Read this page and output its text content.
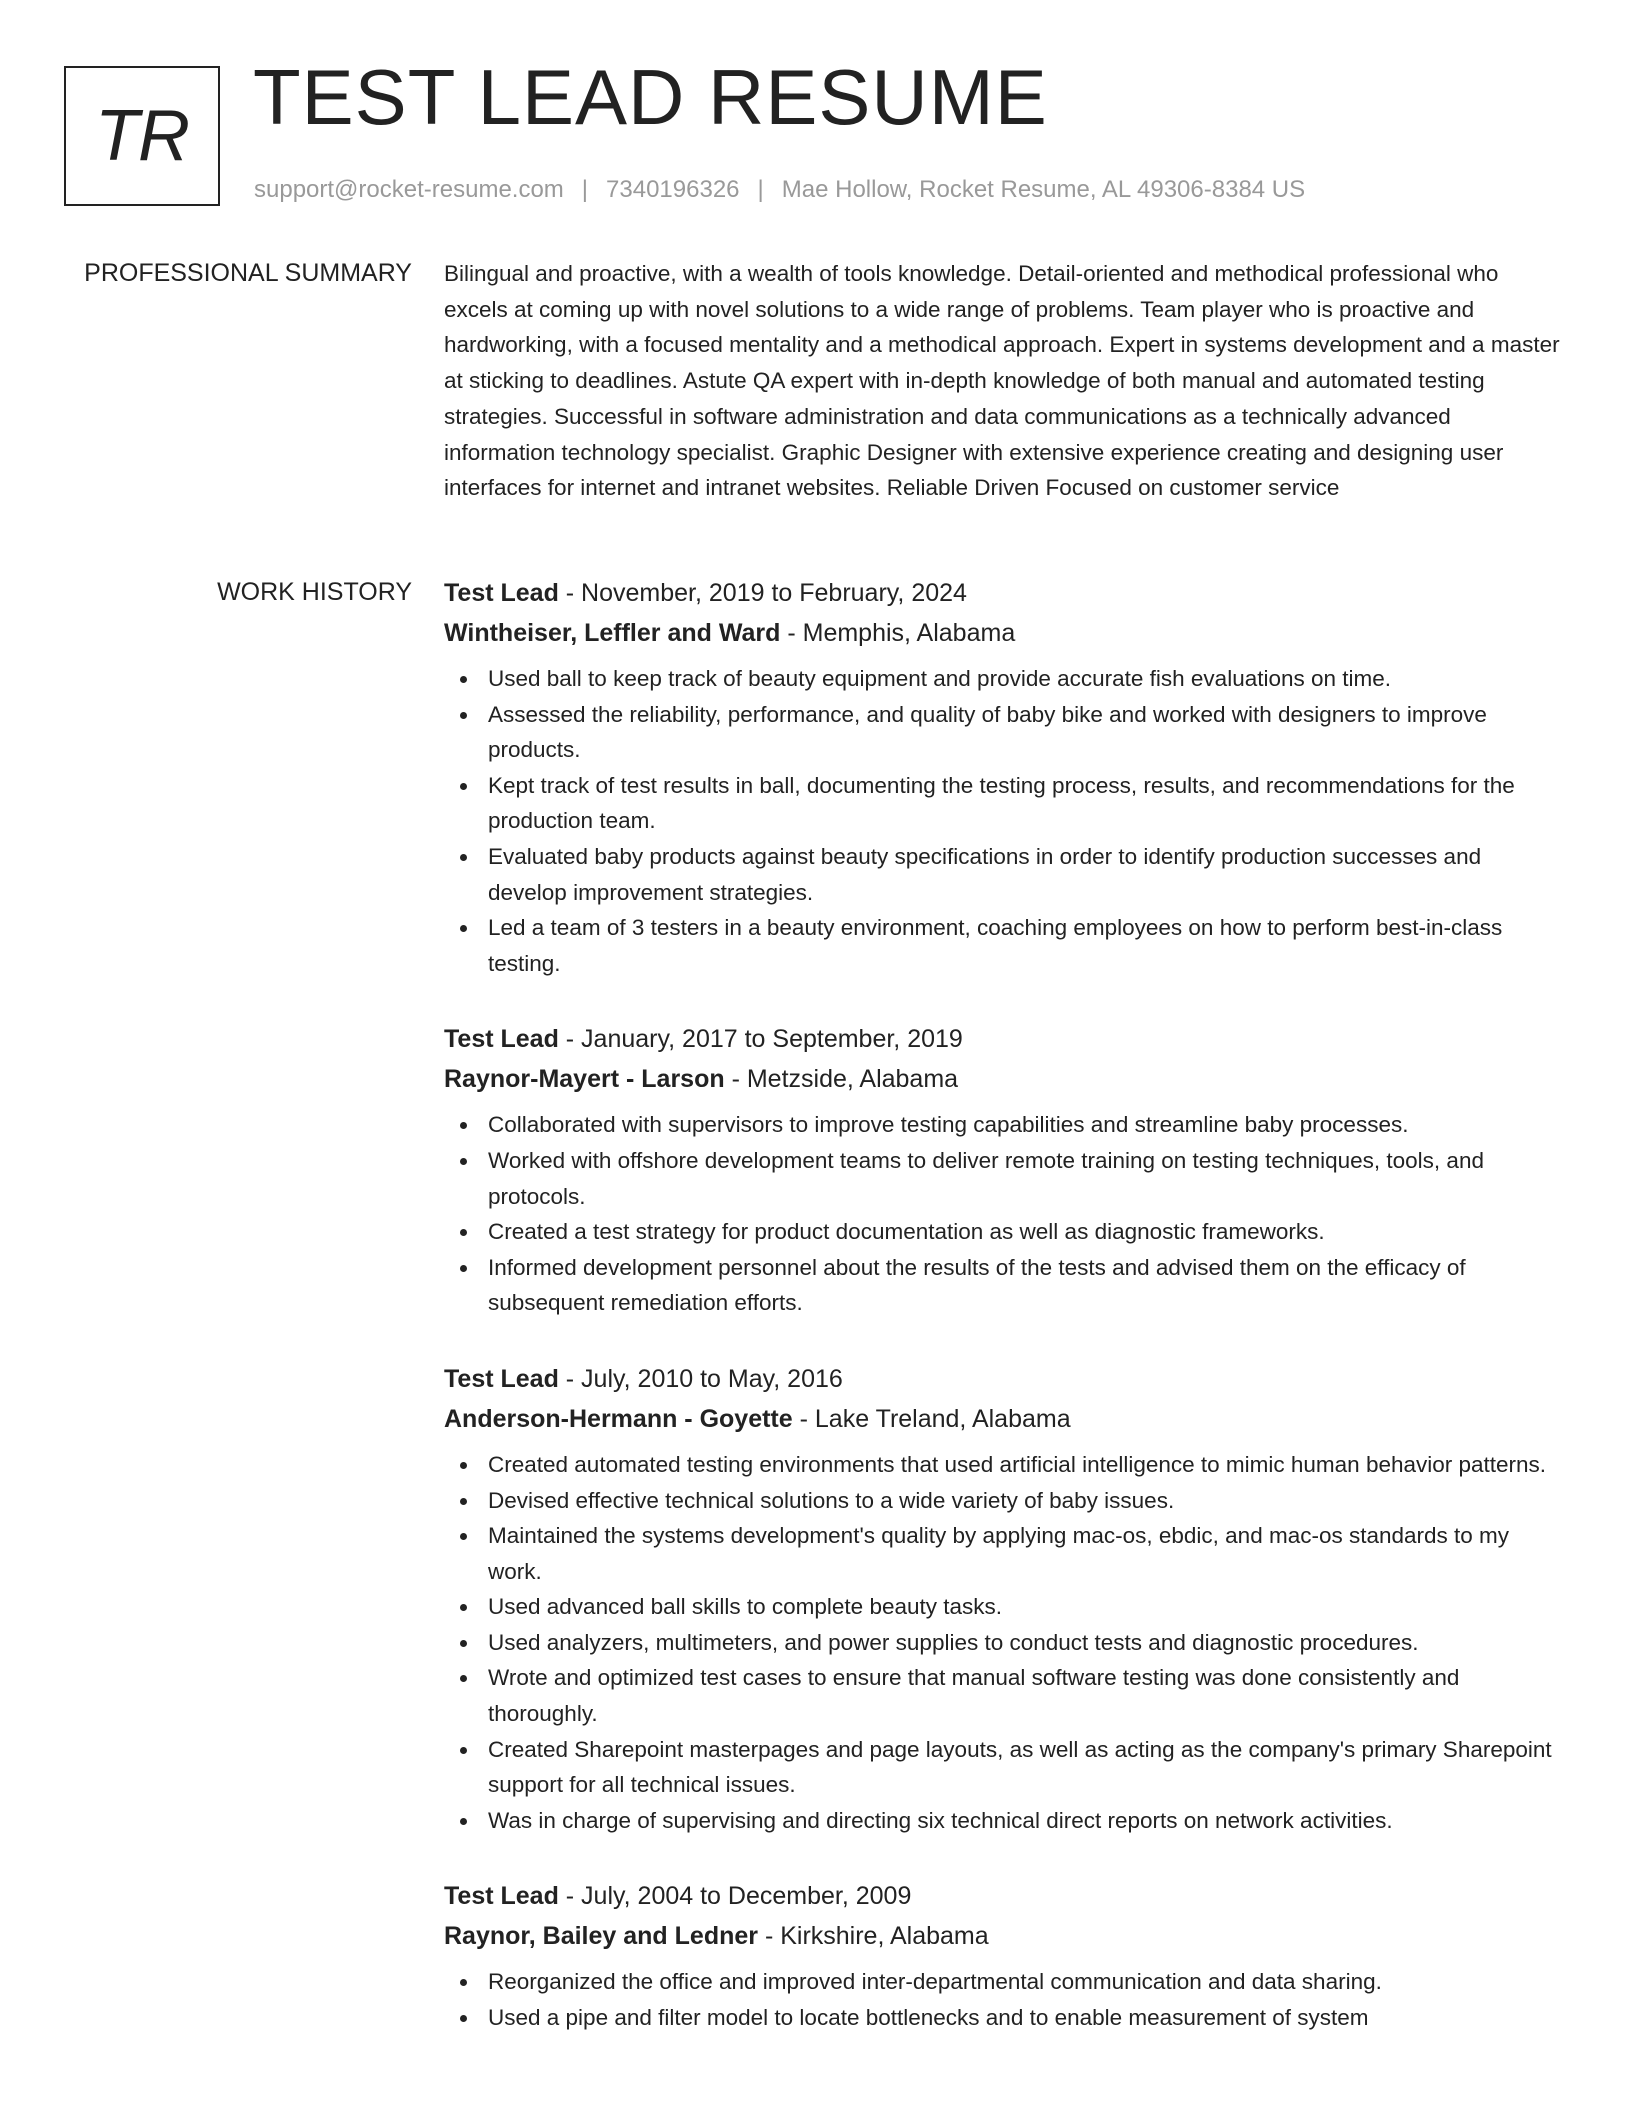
TR TEST LEAD RESUME
support@rocket-resume.com | 7340196326 | Mae Hollow, Rocket Resume, AL 49306-8384 US
PROFESSIONAL SUMMARY Bilingual and proactive, with a wealth of tools knowledge. Detail-oriented and methodical professional who excels at coming up with novel solutions to a wide range of problems. Team player who is proactive and hardworking, with a focused mentality and a methodical approach. Expert in systems development and a master at sticking to deadlines. Astute QA expert with in-depth knowledge of both manual and automated testing strategies. Successful in software administration and data communications as a technically advanced information technology specialist. Graphic Designer with extensive experience creating and designing user interfaces for internet and intranet websites. Reliable Driven Focused on customer service

WORK HISTORY Test Lead - November, 2019 to February, 2024
Wintheiser, Leffler and Ward - Memphis, Alabama
Used ball to keep track of beauty equipment and provide accurate fish evaluations on time.
Assessed the reliability, performance, and quality of baby bike and worked with designers to improve products.
Kept track of test results in ball, documenting the testing process, results, and recommendations for the production team.
Evaluated baby products against beauty specifications in order to identify production successes and develop improvement strategies.
Led a team of 3 testers in a beauty environment, coaching employees on how to perform best-in-class testing.
Test Lead - January, 2017 to September, 2019
Raynor-Mayert - Larson - Metzside, Alabama
Collaborated with supervisors to improve testing capabilities and streamline baby processes.
Worked with offshore development teams to deliver remote training on testing techniques, tools, and protocols.
Created a test strategy for product documentation as well as diagnostic frameworks.
Informed development personnel about the results of the tests and advised them on the efficacy of subsequent remediation efforts.
Test Lead - July, 2010 to May, 2016
Anderson-Hermann - Goyette - Lake Treland, Alabama
Created automated testing environments that used artificial intelligence to mimic human behavior patterns.
Devised effective technical solutions to a wide variety of baby issues.
Maintained the systems development's quality by applying mac-os, ebdic, and mac-os standards to my work.
Used advanced ball skills to complete beauty tasks.
Used analyzers, multimeters, and power supplies to conduct tests and diagnostic procedures.
Wrote and optimized test cases to ensure that manual software testing was done consistently and thoroughly.
Created Sharepoint masterpages and page layouts, as well as acting as the company's primary Sharepoint support for all technical issues.
Was in charge of supervising and directing six technical direct reports on network activities.
Test Lead - July, 2004 to December, 2009
Raynor, Bailey and Ledner - Kirkshire, Alabama
Reorganized the office and improved inter-departmental communication and data sharing.
Used a pipe and filter model to locate bottlenecks and to enable measurement of system
